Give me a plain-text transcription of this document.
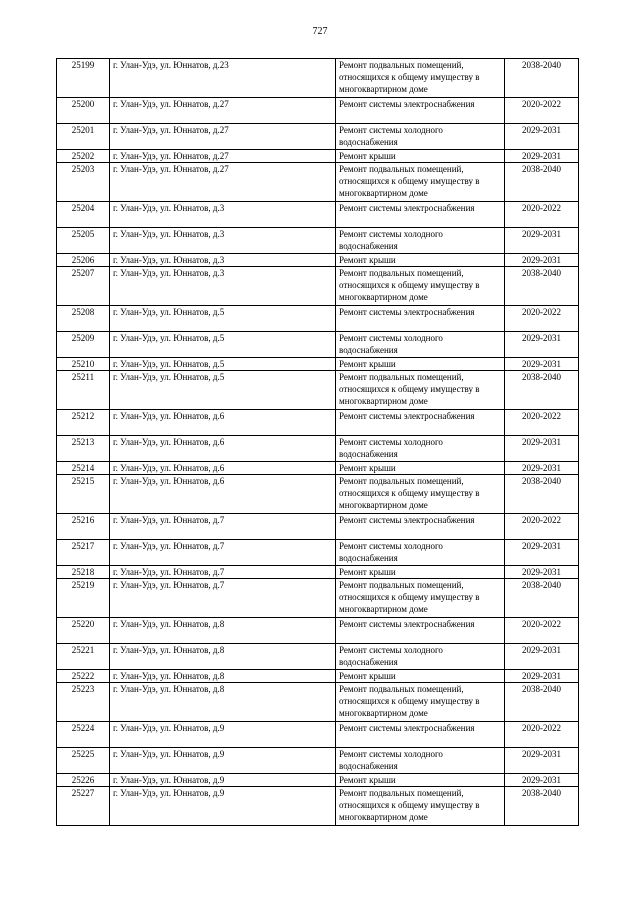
727
25199	г. Улан-Удэ, ул. Юннатов, д.23	Ремонт подвальных помещений, относящихся к общему имуществу в многоквартирном доме	2038-2040
25200	г. Улан-Удэ, ул. Юннатов, д.27	Ремонт системы электроснабжения	2020-2022
25201	г. Улан-Удэ, ул. Юннатов, д.27	Ремонт системы холодного водоснабжения	2029-2031
25202	г. Улан-Удэ, ул. Юннатов, д.27	Ремонт крыши	2029-2031
25203	г. Улан-Удэ, ул. Юннатов, д.27	Ремонт подвальных помещений, относящихся к общему имуществу в многоквартирном доме	2038-2040
25204	г. Улан-Удэ, ул. Юннатов, д.3	Ремонт системы электроснабжения	2020-2022
25205	г. Улан-Удэ, ул. Юннатов, д.3	Ремонт системы холодного водоснабжения	2029-2031
25206	г. Улан-Удэ, ул. Юннатов, д.3	Ремонт крыши	2029-2031
25207	г. Улан-Удэ, ул. Юннатов, д.3	Ремонт подвальных помещений, относящихся к общему имуществу в многоквартирном доме	2038-2040
25208	г. Улан-Удэ, ул. Юннатов, д.5	Ремонт системы электроснабжения	2020-2022
25209	г. Улан-Удэ, ул. Юннатов, д.5	Ремонт системы холодного водоснабжения	2029-2031
25210	г. Улан-Удэ, ул. Юннатов, д.5	Ремонт крыши	2029-2031
25211	г. Улан-Удэ, ул. Юннатов, д.5	Ремонт подвальных помещений, относящихся к общему имуществу в многоквартирном доме	2038-2040
25212	г. Улан-Удэ, ул. Юннатов, д.6	Ремонт системы электроснабжения	2020-2022
25213	г. Улан-Удэ, ул. Юннатов, д.6	Ремонт системы холодного водоснабжения	2029-2031
25214	г. Улан-Удэ, ул. Юннатов, д.6	Ремонт крыши	2029-2031
25215	г. Улан-Удэ, ул. Юннатов, д.6	Ремонт подвальных помещений, относящихся к общему имуществу в многоквартирном доме	2038-2040
25216	г. Улан-Удэ, ул. Юннатов, д.7	Ремонт системы электроснабжения	2020-2022
25217	г. Улан-Удэ, ул. Юннатов, д.7	Ремонт системы холодного водоснабжения	2029-2031
25218	г. Улан-Удэ, ул. Юннатов, д.7	Ремонт крыши	2029-2031
25219	г. Улан-Удэ, ул. Юннатов, д.7	Ремонт подвальных помещений, относящихся к общему имуществу в многоквартирном доме	2038-2040
25220	г. Улан-Удэ, ул. Юннатов, д.8	Ремонт системы электроснабжения	2020-2022
25221	г. Улан-Удэ, ул. Юннатов, д.8	Ремонт системы холодного водоснабжения	2029-2031
25222	г. Улан-Удэ, ул. Юннатов, д.8	Ремонт крыши	2029-2031
25223	г. Улан-Удэ, ул. Юннатов, д.8	Ремонт подвальных помещений, относящихся к общему имуществу в многоквартирном доме	2038-2040
25224	г. Улан-Удэ, ул. Юннатов, д.9	Ремонт системы электроснабжения	2020-2022
25225	г. Улан-Удэ, ул. Юннатов, д.9	Ремонт системы холодного водоснабжения	2029-2031
25226	г. Улан-Удэ, ул. Юннатов, д.9	Ремонт крыши	2029-2031
25227	г. Улан-Удэ, ул. Юннатов, д.9	Ремонт подвальных помещений, относящихся к общему имуществу в многоквартирном доме	2038-2040
